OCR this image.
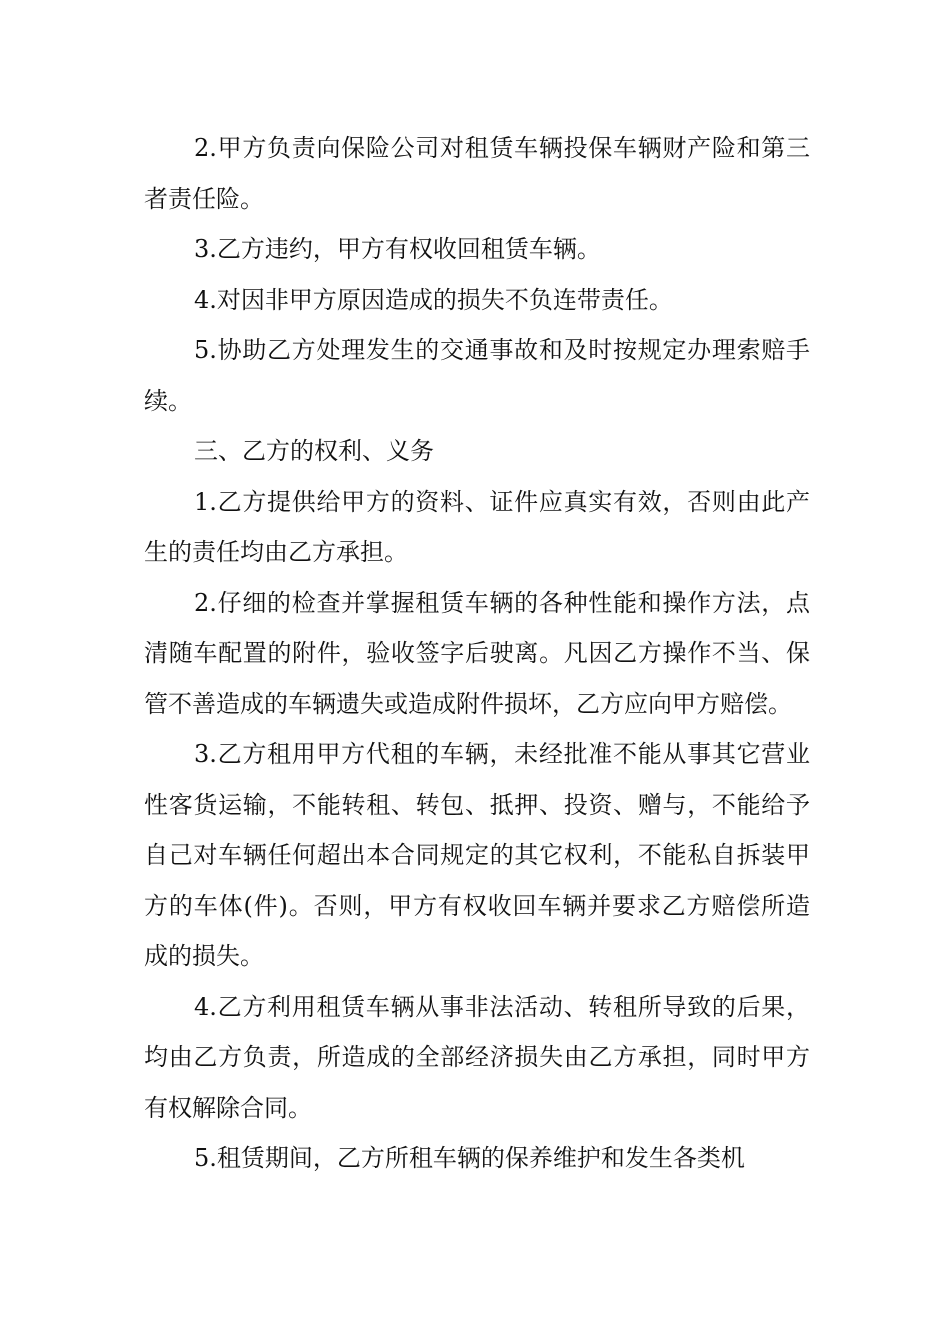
2.甲方负责向保险公司对租赁车辆投保车辆财产险和第三者责任险。

3.乙方违约，甲方有权收回租赁车辆。

4.对因非甲方原因造成的损失不负连带责任。

5.协助乙方处理发生的交通事故和及时按规定办理索赔手续。

三、乙方的权利、义务

1.乙方提供给甲方的资料、证件应真实有效，否则由此产生的责任均由乙方承担。

2.仔细的检查并掌握租赁车辆的各种性能和操作方法，点清随车配置的附件，验收签字后驶离。凡因乙方操作不当、保管不善造成的车辆遗失或造成附件损坏，乙方应向甲方赔偿。

3.乙方租用甲方代租的车辆，未经批准不能从事其它营业性客货运输，不能转租、转包、抵押、投资、赠与，不能给予自己对车辆任何超出本合同规定的其它权利，不能私自拆装甲方的车体(件)。否则，甲方有权收回车辆并要求乙方赔偿所造成的损失。

4.乙方利用租赁车辆从事非法活动、转租所导致的后果，均由乙方负责，所造成的全部经济损失由乙方承担，同时甲方有权解除合同。

5.租赁期间，乙方所租车辆的保养维护和发生各类机
